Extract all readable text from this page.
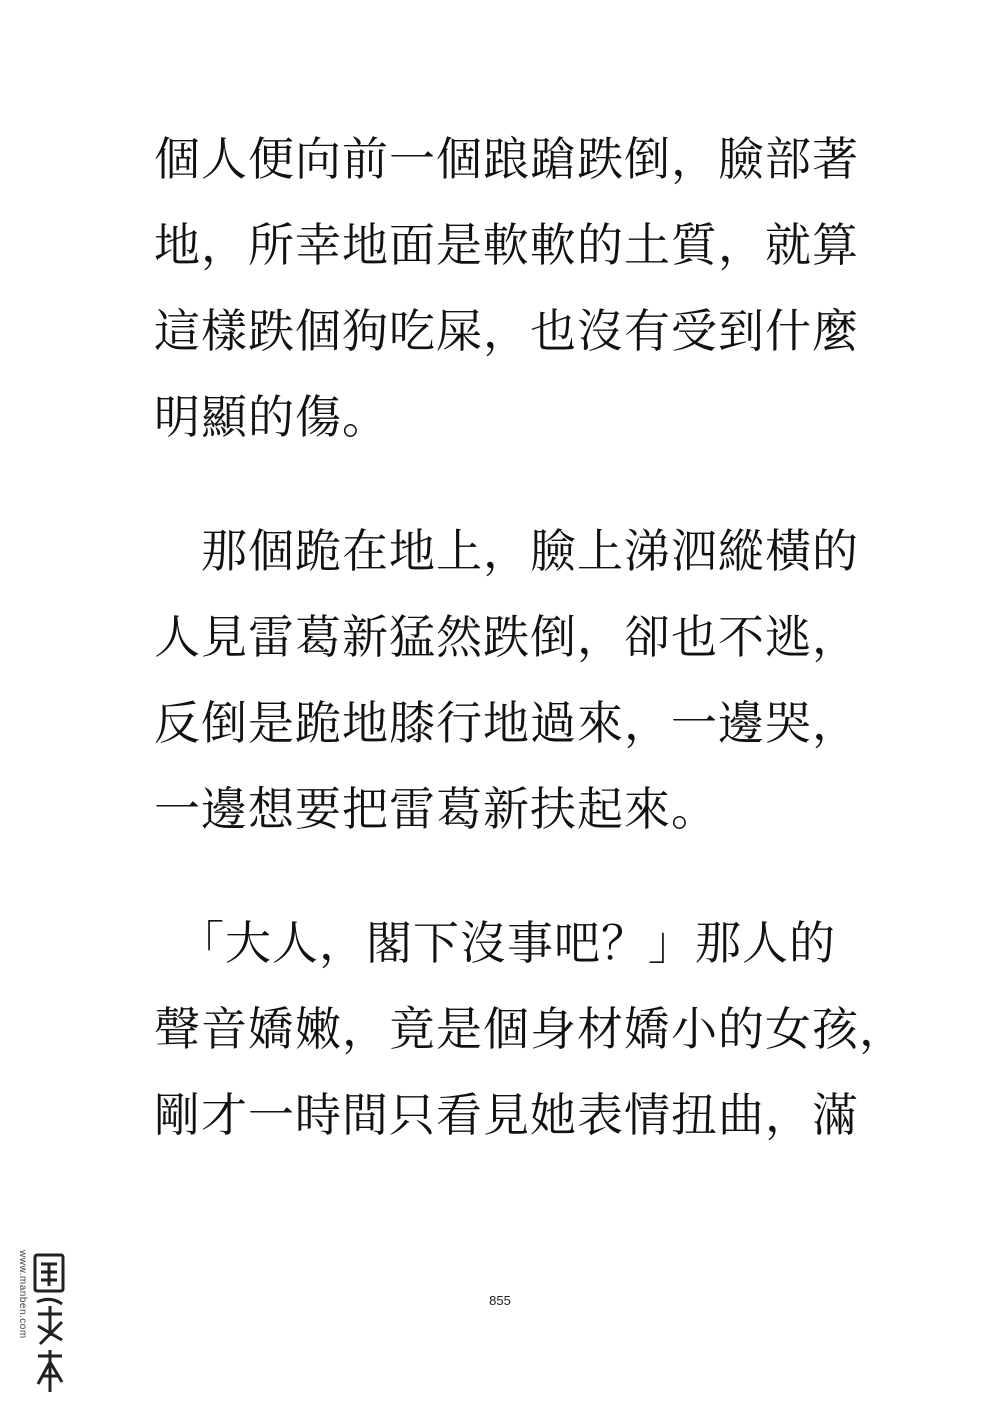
個人便向前一個踉蹌跌倒，臉部著
地，所幸地面是軟軟的土質，就算
這樣跌個狗吃屎，也沒有受到什麼
明顯的傷。
　那個跪在地上，臉上涕泗縱橫的
人見雷葛新猛然跌倒，卻也不逃，
反倒是跪地膝行地過來，一邊哭，
一邊想要把雷葛新扶起來。
　「大人，閣下沒事吧？」那人的
聲音嬌嫩，竟是個身材嬌小的女孩，
剛才一時間只看見她表情扭曲，滿
855
www.manben.com
